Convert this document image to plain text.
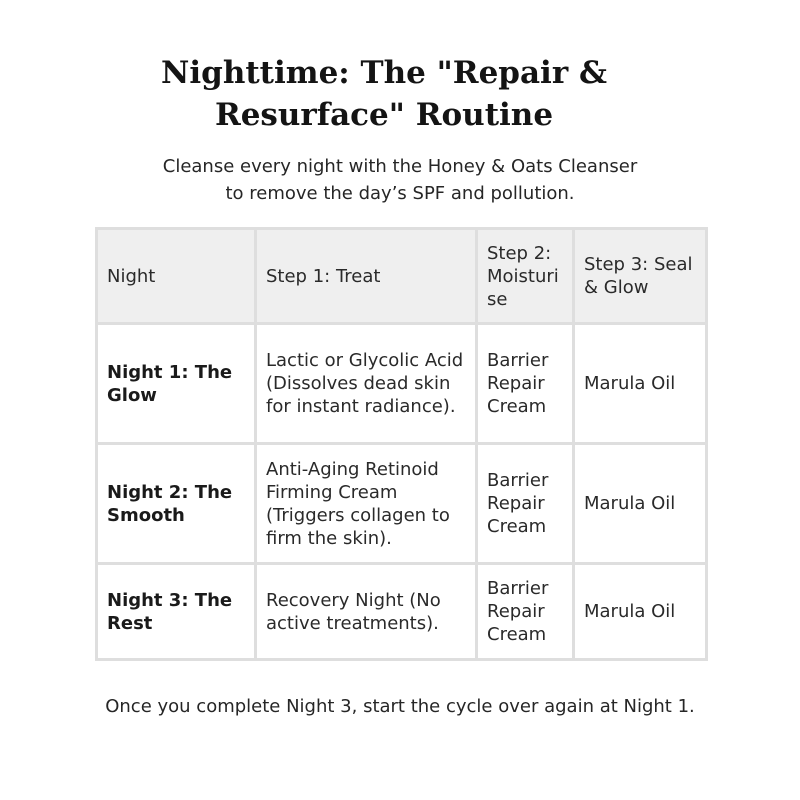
Nighttime: The "Repair &
Resurface" Routine
Cleanse every night with the Honey & Oats Cleanser
to remove the day’s SPF and pollution.
Night	Step 1: Treat	Step 2: Moisturise	Step 3: Seal & Glow
Night 1: The Glow	Lactic or Glycolic Acid (Dissolves dead skin for instant radiance).	Barrier Repair Cream	Marula Oil
Night 2: The Smooth	Anti-Aging Retinoid Firming Cream (Triggers collagen to firm the skin).	Barrier Repair Cream	Marula Oil
Night 3: The Rest	Recovery Night (No active treatments).	Barrier Repair Cream	Marula Oil
Once you complete Night 3, start the cycle over again at Night 1.
